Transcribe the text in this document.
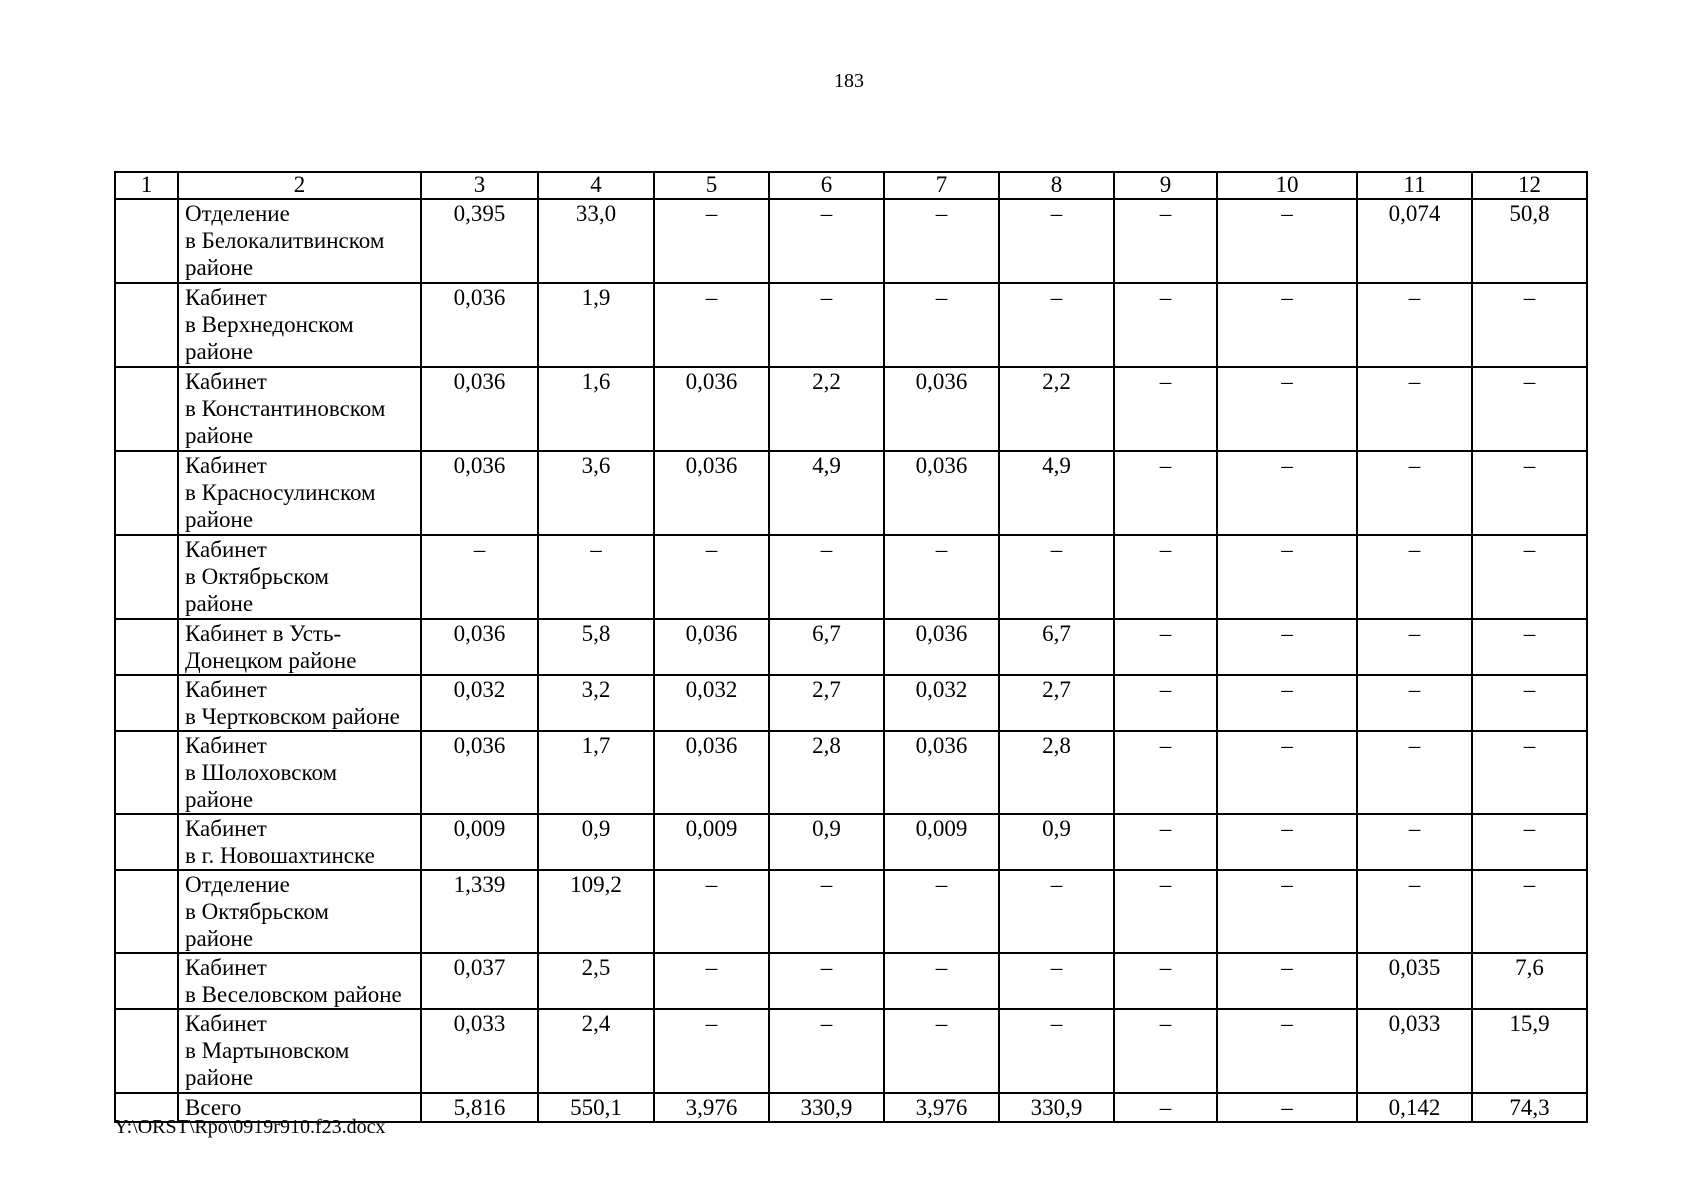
183
1	2	3	4	5	6	7	8	9	10	11	12
	Отделение
в Белокалитвинском
районе	0,395	33,0	–	–	–	–	–	–	0,074	50,8
	Кабинет
в Верхнедонском
районе	0,036	1,9	–	–	–	–	–	–	–	–
	Кабинет
в Константиновском
районе	0,036	1,6	0,036	2,2	0,036	2,2	–	–	–	–
	Кабинет
в Красносулинском
районе	0,036	3,6	0,036	4,9	0,036	4,9	–	–	–	–
	Кабинет
в Октябрьском
районе	–	–	–	–	–	–	–	–	–	–
	Кабинет в Усть-
Донецком районе	0,036	5,8	0,036	6,7	0,036	6,7	–	–	–	–
	Кабинет
в Чертковском районе	0,032	3,2	0,032	2,7	0,032	2,7	–	–	–	–
	Кабинет
в Шолоховском
районе	0,036	1,7	0,036	2,8	0,036	2,8	–	–	–	–
	Кабинет
в г. Новошахтинске	0,009	0,9	0,009	0,9	0,009	0,9	–	–	–	–
	Отделение
в Октябрьском
районе	1,339	109,2	–	–	–	–	–	–	–	–
	Кабинет
в Веселовском районе	0,037	2,5	–	–	–	–	–	–	0,035	7,6
	Кабинет
в Мартыновском
районе	0,033	2,4	–	–	–	–	–	–	0,033	15,9
	Всего	5,816	550,1	3,976	330,9	3,976	330,9	–	–	0,142	74,3
Y:\ORST\Rpo\0919r910.f23.docx
